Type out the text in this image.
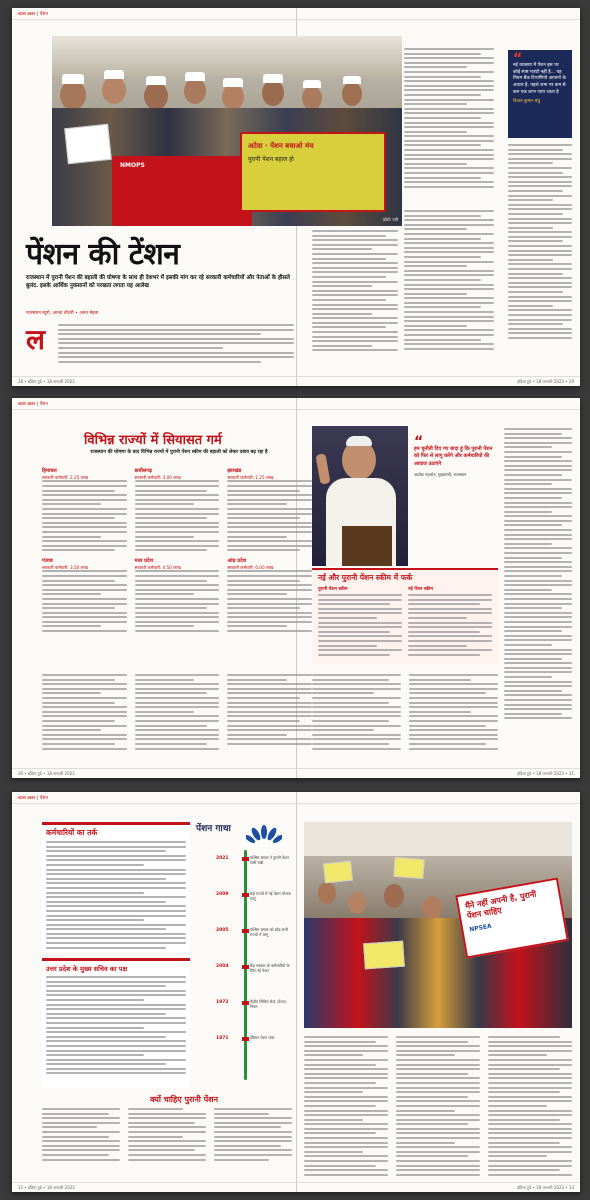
खास ख़बर | पेंशन
NMOPS
अटेवा · पेंशन बचाओ मंच
पुरानी पेंशन बहाल हो
फ़ोटो: एपी
“
नई व्यवस्था में पेंशन इस पर कोई स्पष्ट गारंटी नहीं है... यह नियम बैंक टिप्पणियों आयानों के आधार है. पहले जमा पर कम से कम एक लाभ पाया जाता है
विजय कुमार बंधु
पेंशन की टेंशन
राजस्थान में पुरानी पेंशन की बहाली की घोषणा के साथ ही देशभर में इसकी मांग कर रहे सरकारी कर्मचारियों और नेताओं के हौसले बुलंद. इसके आर्थिक नुकसानों को परखता लगता यह आलेख
राजस्थान ब्यूरो, आनंद चौधरी • अनंत मेहता
ल
28 • इंडिया टुडे • 18 जनवरी 2023	इंडिया टुडे • 18 जनवरी 2023 • 29
खास ख़बर | पेंशन
विभिन्न राज्यों में सियासत गर्म
राजस्थान की घोषणा के बाद विभिन्न राज्यों में पुरानी पेंशन स्कीम की बहाली को लेकर दबाव बढ़ रहा है
हिमाचल
सरकारी कर्मचारी: 2.25 लाख
छत्तीसगढ़
सरकारी कर्मचारी: 3.00 लाख
झारखंड
सरकारी कर्मचारी: 1.25 लाख
पंजाब
सरकारी कर्मचारी: 3.50 लाख
मध्य प्रदेश
सरकारी कर्मचारी: 4.50 लाख
आंध्र प्रदेश
सरकारी कर्मचारी: 6.00 लाख
“
हम चुनौती दिए गए बादा हूं कि पुरानी पेंशन को फिर से लागू करेंगे और कर्मचारियों की आवाज उठाएंगे
अशोक गहलोत, मुख्यमंत्री, राजस्थान
नई और पुरानी पेंशन स्कीम में फर्क
पुरानी पेंशन स्कीम	नई पेंशन स्कीम
30 • इंडिया टुडे • 18 जनवरी 2023	इंडिया टुडे • 18 जनवरी 2023 • 31
खास ख़बर | पेंशन
कर्मचारियों का तर्क
उत्तर प्रदेश के मुख्य सचिव का पक्ष
पेंशन गाथा
2021	पश्चिम बंगाल ने पुरानी पेंशन जारी रखी
2009	कई राज्यों में नई पेंशन योजना लागू
2005	पश्चिम बंगाल को छोड़ सभी राज्यों में लागू
2004	केंद्र सरकार के कर्मचारियों के लिए नई पेंशन
1972	केंद्रीय सिविल सेवा (पेंशन) नियम
1871	इंडियन पेंशन एक्ट
मैंने नहीं अपनी है, पुरानी पेंशन चाहिए
NPSEA
क्यों चाहिए पुरानी पेंशन
32 • इंडिया टुडे • 18 जनवरी 2023	इंडिया टुडे • 18 जनवरी 2023 • 33
